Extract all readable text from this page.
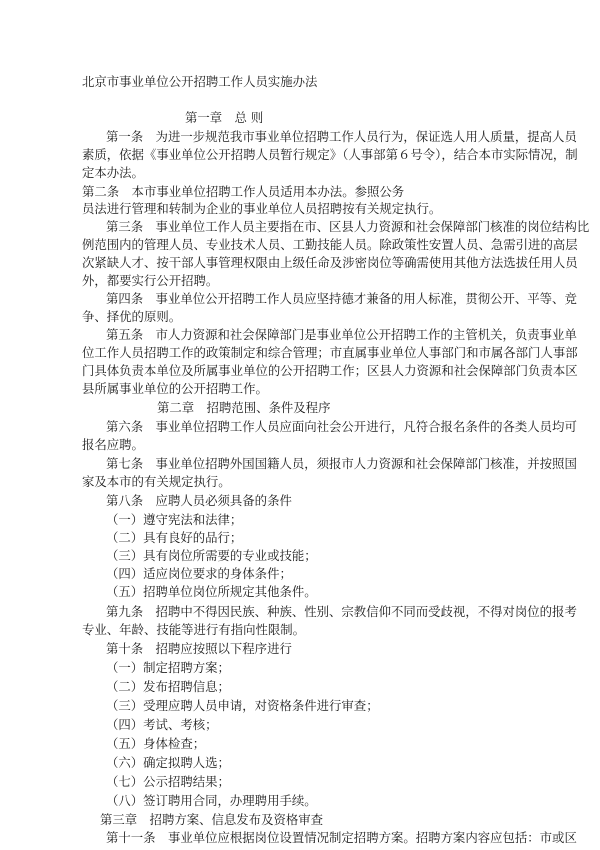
北京市事业单位公开招聘工作人员实施办法
第一章　总 则
第一条　为进一步规范我市事业单位招聘工作人员行为，保证选人用人质量，提高人员
素质，依据《事业单位公开招聘人员暂行规定》（人事部第６号令），结合本市实际情况，制
定本办法。
第二条　本市事业单位招聘工作人员适用本办法。参照公务
员法进行管理和转制为企业的事业单位人员招聘按有关规定执行。
第三条　事业单位工作人员主要指在市、区县人力资源和社会保障部门核准的岗位结构比
例范围内的管理人员、专业技术人员、工勤技能人员。除政策性安置人员、急需引进的高层
次紧缺人才、按干部人事管理权限由上级任命及涉密岗位等确需使用其他方法选拔任用人员
外，都要实行公开招聘。
第四条　事业单位公开招聘工作人员应坚持德才兼备的用人标准，贯彻公开、平等、竞
争、择优的原则。
第五条　市人力资源和社会保障部门是事业单位公开招聘工作的主管机关，负责事业单
位工作人员招聘工作的政策制定和综合管理；市直属事业单位人事部门和市属各部门人事部
门具体负责本单位及所属事业单位的公开招聘工作；区县人力资源和社会保障部门负责本区
县所属事业单位的公开招聘工作。
第二章　招聘范围、条件及程序
第六条　事业单位招聘工作人员应面向社会公开进行，凡符合报名条件的各类人员均可
报名应聘。
第七条　事业单位招聘外国国籍人员，须报市人力资源和社会保障部门核准，并按照国
家及本市的有关规定执行。
第八条　应聘人员必须具备的条件
（一）遵守宪法和法律；
（二）具有良好的品行；
（三）具有岗位所需要的专业或技能；
（四）适应岗位要求的身体条件；
（五）招聘单位岗位所规定其他条件。
第九条　招聘中不得因民族、种族、性别、宗教信仰不同而受歧视，不得对岗位的报考
专业、年龄、技能等进行有指向性限制。
第十条　招聘应按照以下程序进行
（一）制定招聘方案；
（二）发布招聘信息；
（三）受理应聘人员申请，对资格条件进行审查；
（四）考试、考核；
（五）身体检查；
（六）确定拟聘人选；
（七）公示招聘结果；
（八）签订聘用合同，办理聘用手续。
第三章　招聘方案、信息发布及资格审查
第十一条　事业单位应根据岗位设置情况制定招聘方案。招聘方案内容应包括：市或区
